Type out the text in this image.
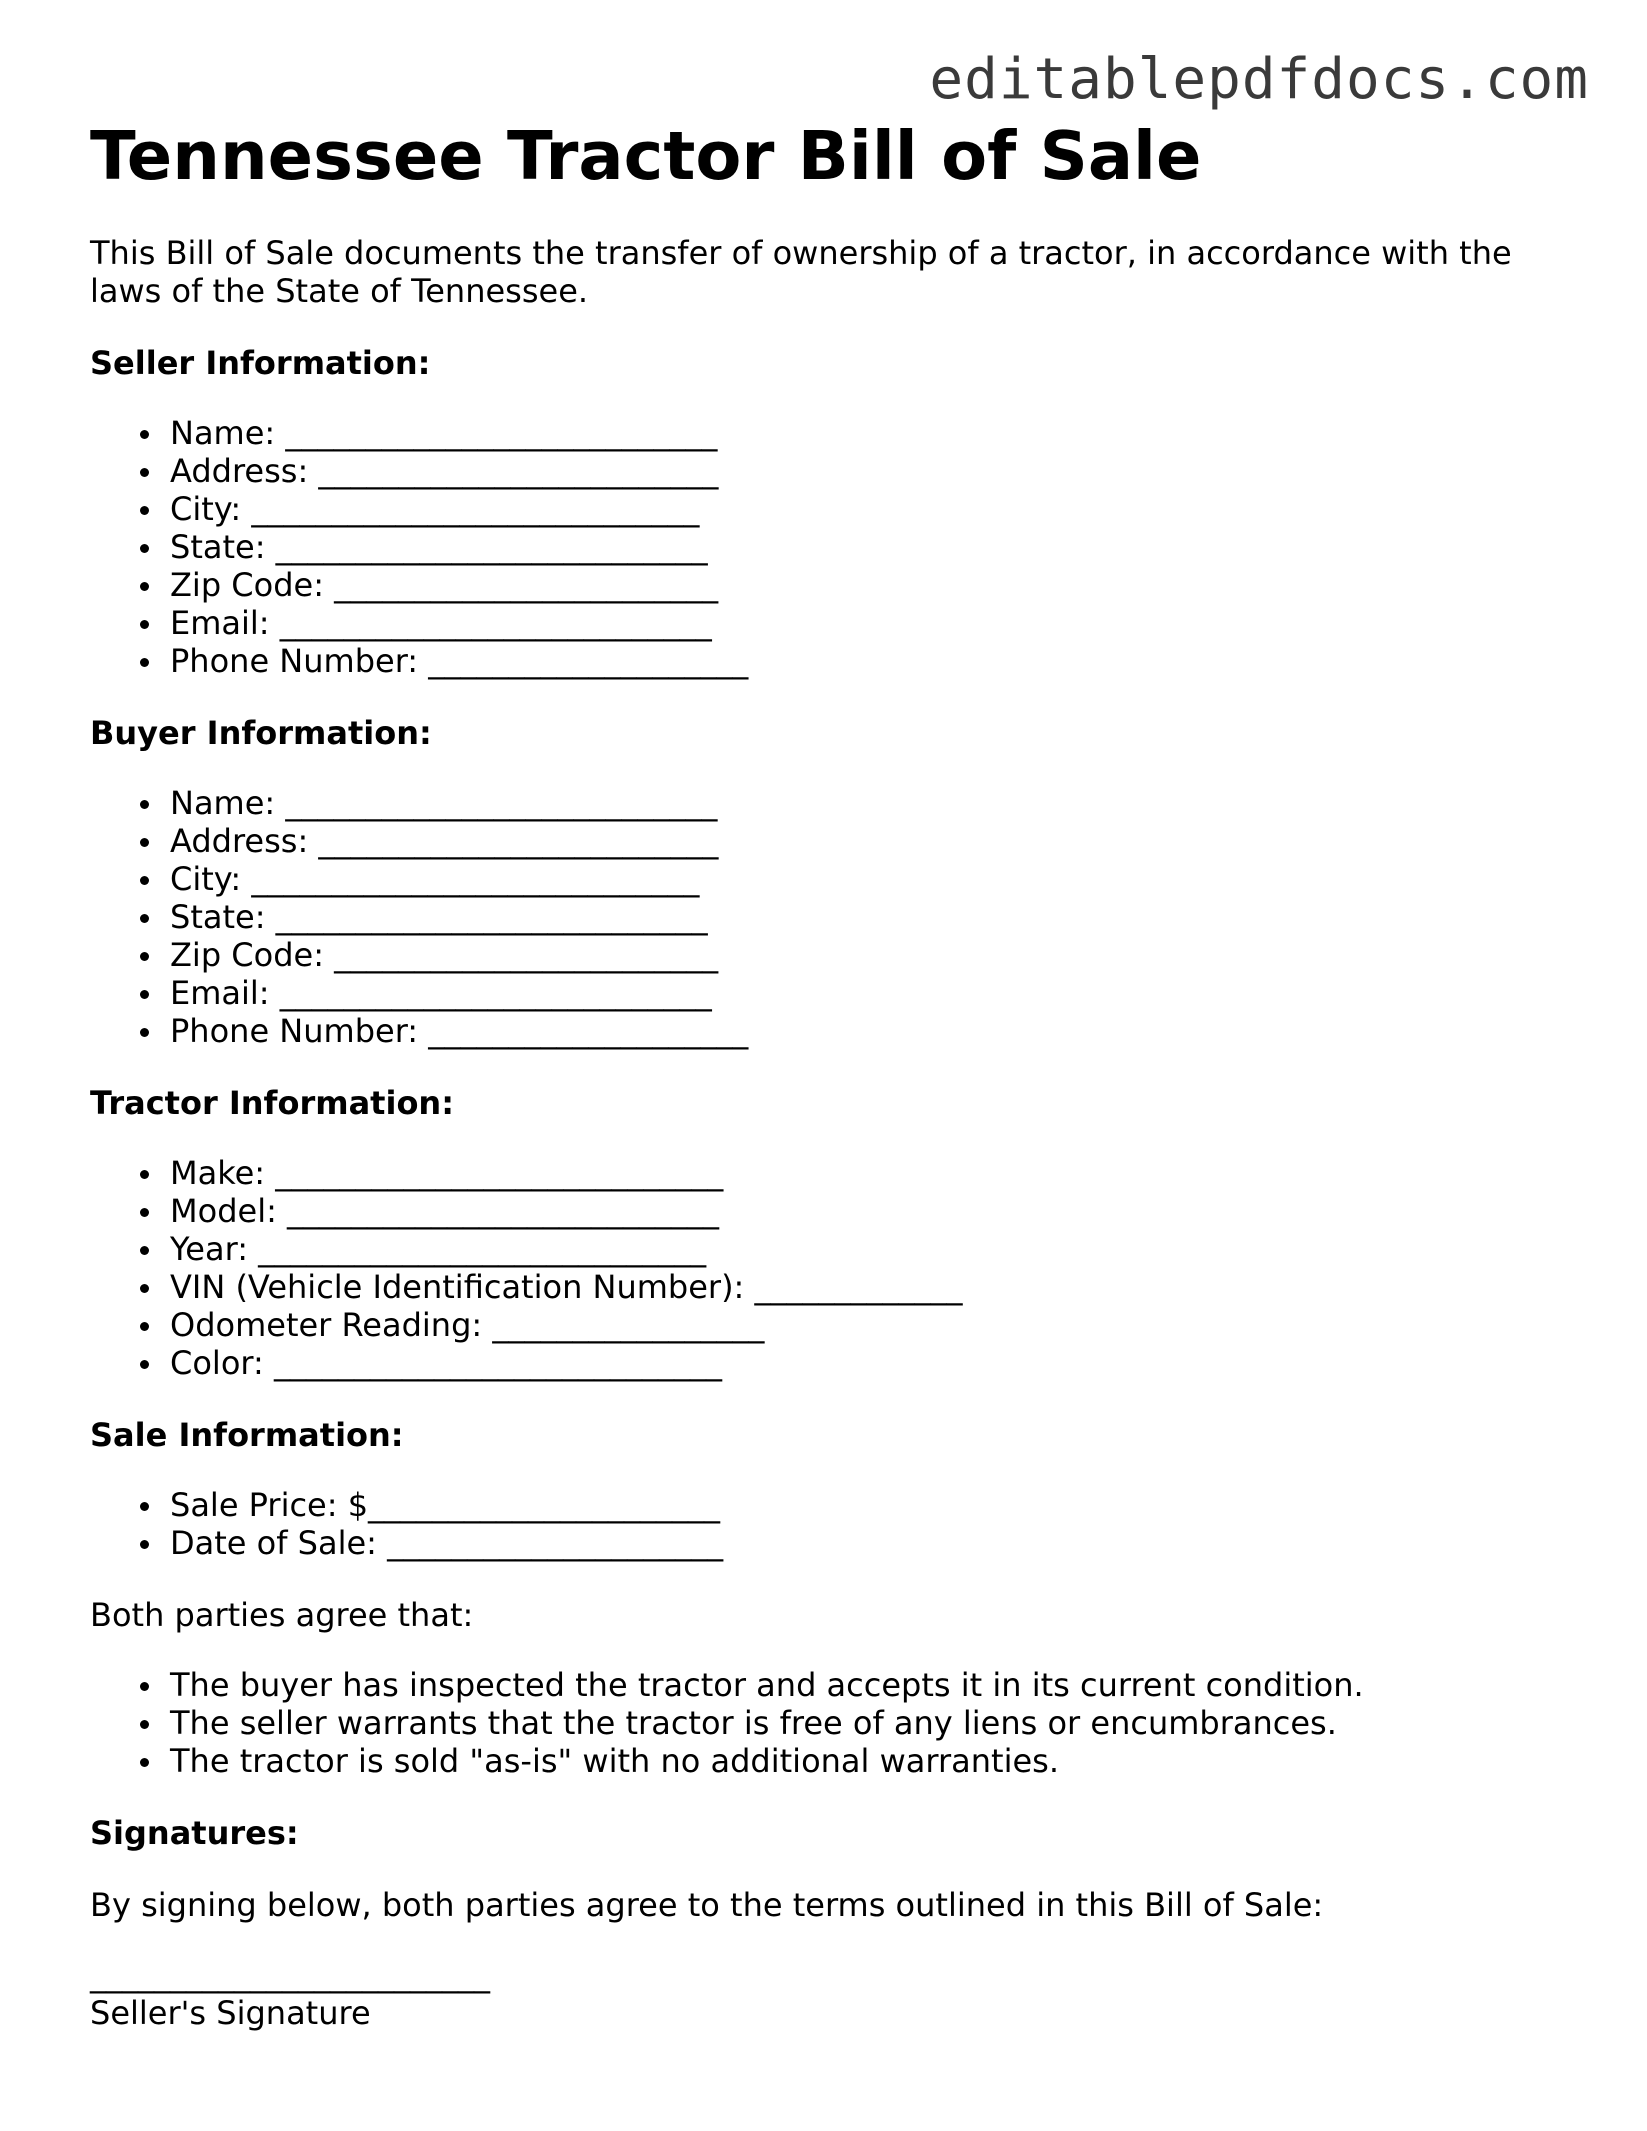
editablepdfdocs.com
Tennessee Tractor Bill of Sale

This Bill of Sale documents the transfer of ownership of a tractor, in accordance with the laws of the State of Tennessee.

Seller Information:

Name: ___________________________
Address: _________________________
City: ____________________________
State: ___________________________
Zip Code: ________________________
Email: ___________________________
Phone Number: ____________________

Buyer Information:

Name: ___________________________
Address: _________________________
City: ____________________________
State: ___________________________
Zip Code: ________________________
Email: ___________________________
Phone Number: ____________________

Tractor Information:

Make: ____________________________
Model: ___________________________
Year: ____________________________
VIN (Vehicle Identification Number): _____________
Odometer Reading: _________________
Color: ____________________________

Sale Information:

Sale Price: $______________________
Date of Sale: _____________________

Both parties agree that:

The buyer has inspected the tractor and accepts it in its current condition.
The seller warrants that the tractor is free of any liens or encumbrances.
The tractor is sold "as-is" with no additional warranties.

Signatures:

By signing below, both parties agree to the terms outlined in this Bill of Sale:

_________________________

Seller's Signature
